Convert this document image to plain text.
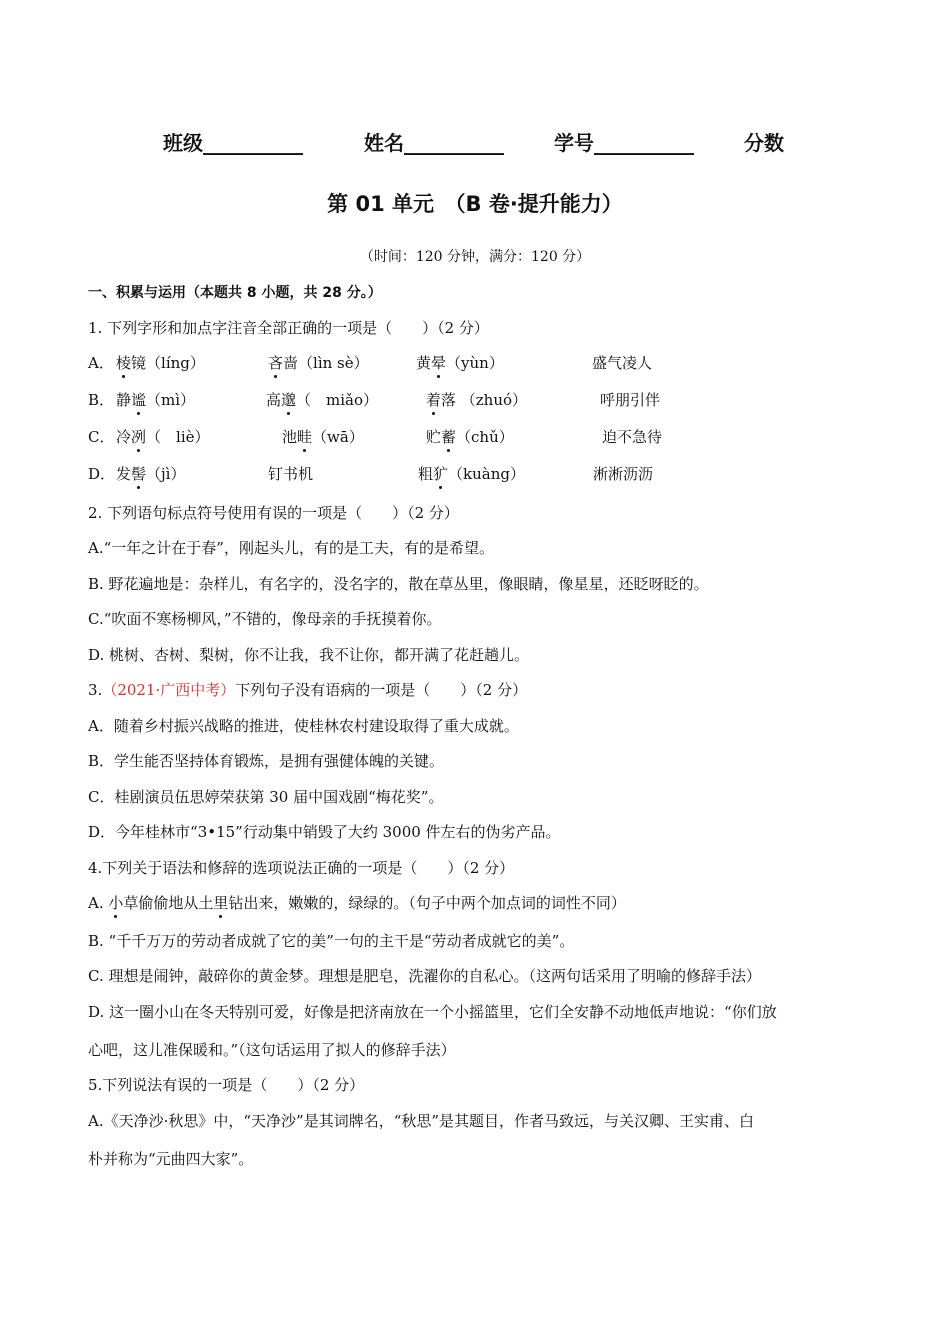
班级__________	姓名__________	学号__________	分数
第 01 单元　（B 卷·提升能力）
（时间：120 分钟，满分：120 分）
一、积累与运用（本题共 8 小题，共 28 分。）
1. 下列字形和加点字注音全部正确的一项是（　　）（2 分）
A． 棱镜（líng）	吝啬（lìn sè）	黄晕（yùn）	盛气凌人
B． 静谧（mì）	高邈（　miǎo）	着落 （zhuó）	呼朋引伴
C． 冷冽（　liè）	池畦（wā）	贮蓄（chǔ）	迫不急待
D． 发髻（jì）	钉书机	粗犷（kuàng）	淅淅沥沥
2. 下列语句标点符号使用有误的一项是（　　）（2 分）
A.“一年之计在于春”，刚起头儿，有的是工夫，有的是希望。
B. 野花遍地是：杂样儿，有名字的，没名字的，散在草丛里，像眼睛，像星星，还眨呀眨的。
C.“吹面不寒杨柳风，”不错的，像母亲的手抚摸着你。
D. 桃树、杏树、梨树，你不让我，我不让你，都开满了花赶趟儿。
3.（2021·广西中考）下列句子没有语病的一项是（　　）（2 分）
A．随着乡村振兴战略的推进，使桂林农村建设取得了重大成就。
B．学生能否坚持体育锻炼，是拥有强健体魄的关键。
C．桂剧演员伍思婷荣获第 30 届中国戏剧“梅花奖”。
D．今年桂林市“3•15”行动集中销毁了大约 3000 件左右的伪劣产品。
4.下列关于语法和修辞的选项说法正确的一项是（　　）（2 分）
A. 小草偷偷地从土里钻出来，嫩嫩的，绿绿的。（句子中两个加点词的词性不同）
B. “千千万万的劳动者成就了它的美”一句的主干是“劳动者成就它的美”。
C. 理想是闹钟，敲碎你的黄金梦。理想是肥皂，洗濯你的自私心。（这两句话采用了明喻的修辞手法）
D. 这一圈小山在冬天特别可爱，好像是把济南放在一个小摇篮里，它们全安静不动地低声地说：“你们放
心吧，这儿准保暖和。”（这句话运用了拟人的修辞手法）
5.下列说法有误的一项是（　　）（2 分）
A.《天净沙·秋思》中，“天净沙”是其词牌名，“秋思”是其题目，作者马致远，与关汉卿、王实甫、白
朴并称为“元曲四大家”。
